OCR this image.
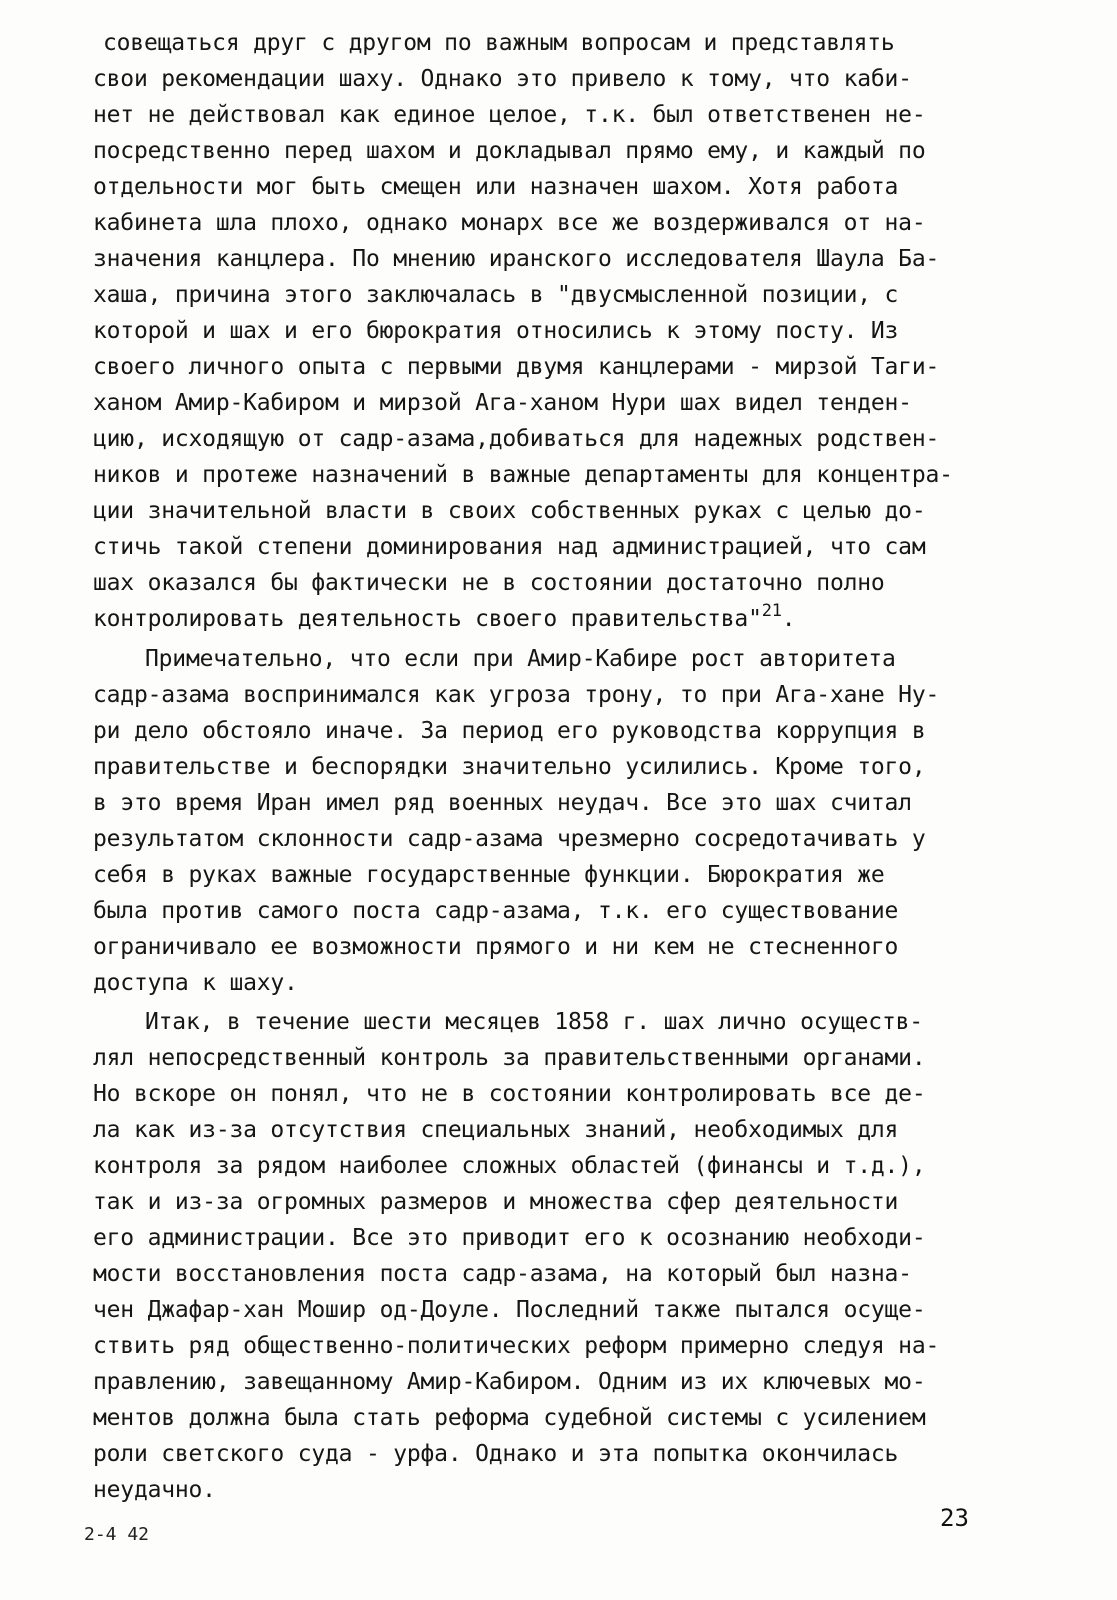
совещаться друг с другом по важным вопросам и представлять
свои рекомендации шаху. Однако это привело к тому, что каби-
нет не действовал как единое целое, т.к. был ответственен не-
посредственно перед шахом и докладывал прямо ему, и каждый по
отдельности мог быть смещен или назначен шахом. Хотя работа
кабинета шла плохо, однако монарх все же воздерживался от на-
значения канцлера. По мнению иранского исследователя Шаула Ба-
хаша, причина этого заключалась в "двусмысленной позиции, с
которой и шах и его бюрократия относились к этому посту. Из
своего личного опыта с первыми двумя канцлерами - мирзой Таги-
ханом Амир-Кабиром и мирзой Ага-ханом Нури шах видел тенден-
цию, исходящую от садр-азама,добиваться для надежных родствен-
ников и протеже назначений в важные департаменты для концентра-
ции значительной власти в своих собственных руках с целью до-
стичь такой степени доминирования над администрацией, что сам
шах оказался бы фактически не в состоянии достаточно полно
контролировать деятельность своего правительства"$^{21}$.
Примечательно, что если при Амир-Кабире рост авторитета
садр-азама воспринимался как угроза трону, то при Ага-хане Ну-
ри дело обстояло иначе. За период его руководства коррупция в
правительстве и беспорядки значительно усилились. Кроме того,
в это время Иран имел ряд военных неудач. Все это шах считал
результатом склонности садр-азама чрезмерно сосредотачивать у
себя в руках важные государственные функции. Бюрократия же
была против самого поста садр-азама, т.к. его существование
ограничивало ее возможности прямого и ни кем не стесненного
доступа к шаху.
Итак, в течение шести месяцев 1858 г. шах лично осуществ-
лял непосредственный контроль за правительственными органами.
Но вскоре он понял, что не в состоянии контролировать все де-
ла как из-за отсутствия специальных знаний, необходимых для
контроля за рядом наиболее сложных областей (финансы и т.д.),
так и из-за огромных размеров и множества сфер деятельности
его администрации. Все это приводит его к осознанию необходи-
мости восстановления поста садр-азама, на который был назна-
чен Джафар-хан Мошир од-Доуле. Последний также пытался осуще-
ствить ряд общественно-политических реформ примерно следуя на-
правлению, завещанному Амир-Кабиром. Одним из их ключевых мо-
ментов должна была стать реформа судебной системы с усилением
роли светского суда - урфа. Однако и эта попытка окончилась
неудачно.
2-4 42
23
